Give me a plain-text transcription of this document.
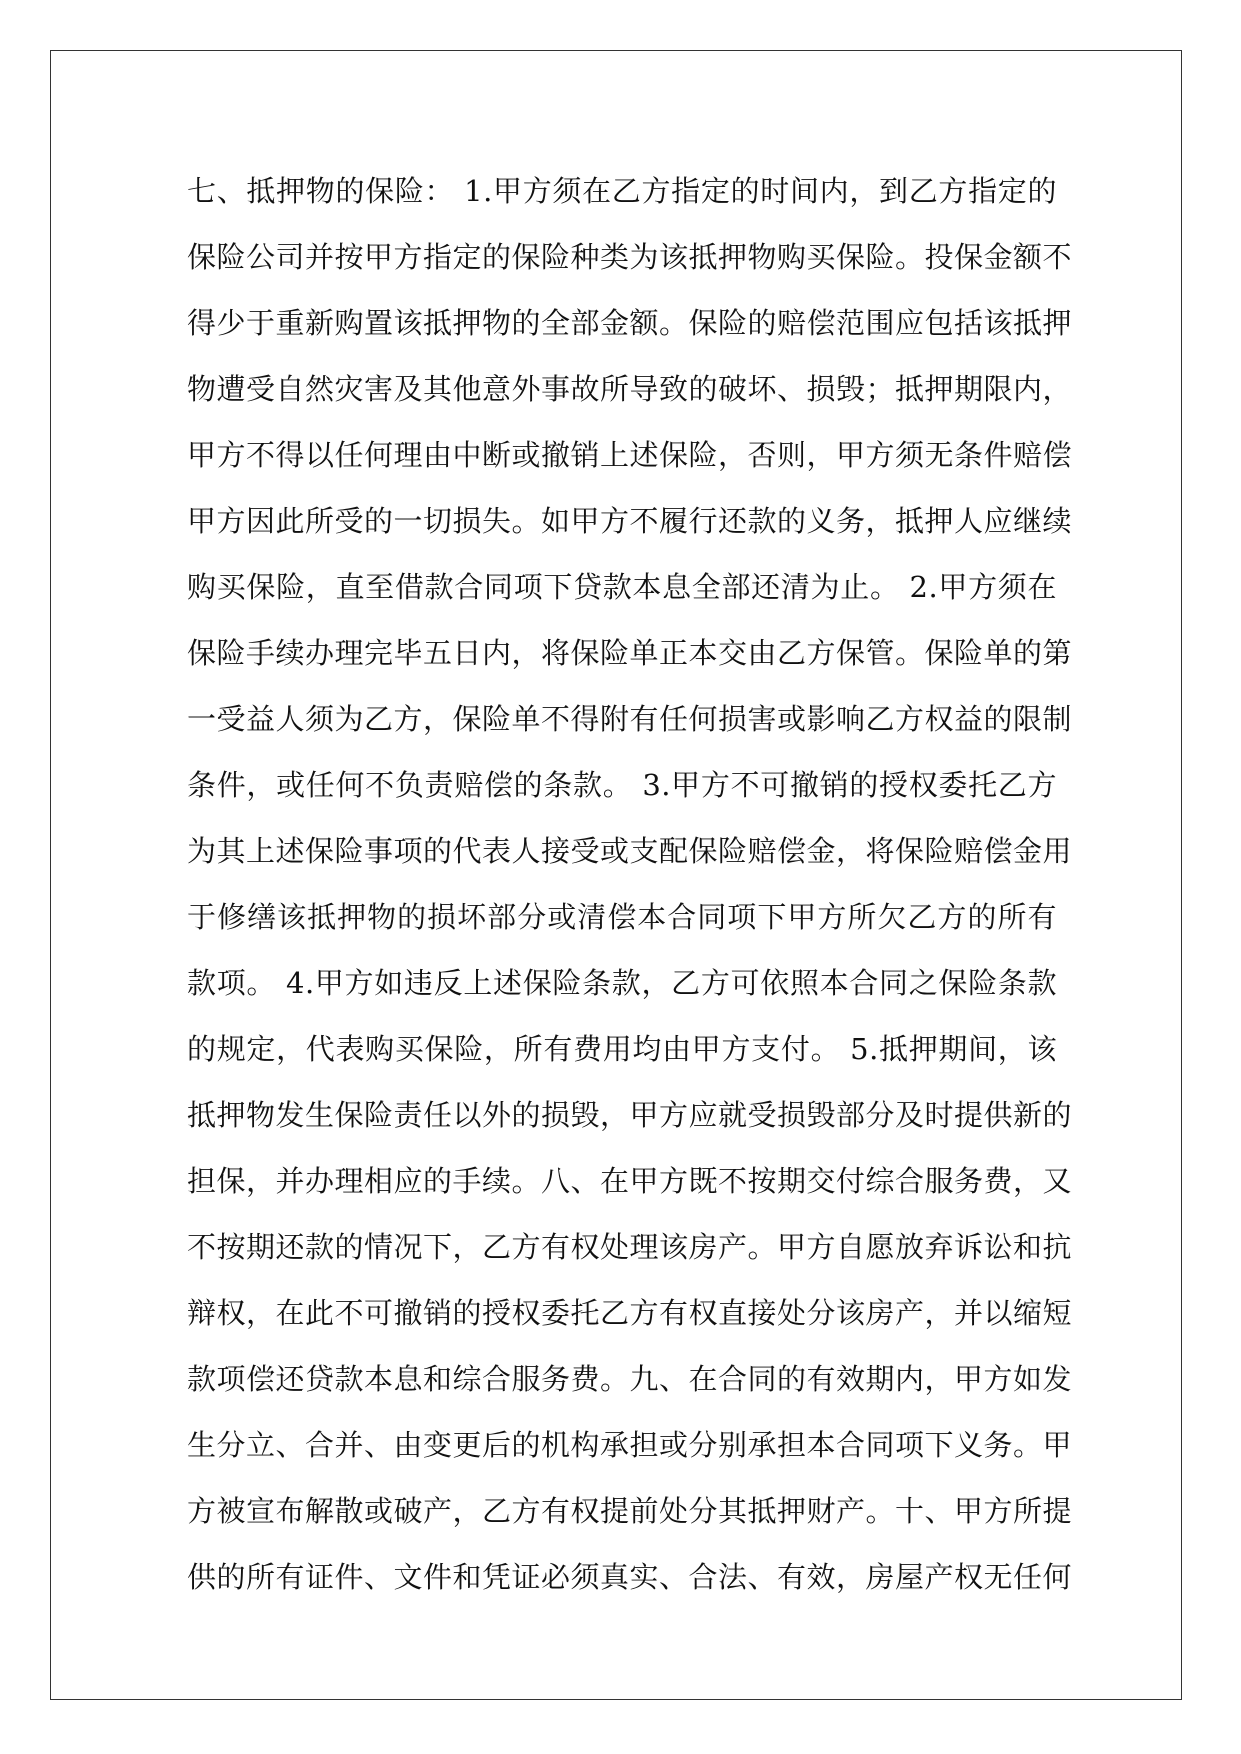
七、抵押物的保险： 1.甲方须在乙方指定的时间内，到乙方指定的
保险公司并按甲方指定的保险种类为该抵押物购买保险。投保金额不
得少于重新购置该抵押物的全部金额。保险的赔偿范围应包括该抵押
物遭受自然灾害及其他意外事故所导致的破坏、损毁；抵押期限内，
甲方不得以任何理由中断或撤销上述保险，否则，甲方须无条件赔偿
甲方因此所受的一切损失。如甲方不履行还款的义务，抵押人应继续
购买保险，直至借款合同项下贷款本息全部还清为止。 2.甲方须在
保险手续办理完毕五日内，将保险单正本交由乙方保管。保险单的第
一受益人须为乙方，保险单不得附有任何损害或影响乙方权益的限制
条件，或任何不负责赔偿的条款。 3.甲方不可撤销的授权委托乙方
为其上述保险事项的代表人接受或支配保险赔偿金，将保险赔偿金用
于修缮该抵押物的损坏部分或清偿本合同项下甲方所欠乙方的所有
款项。 4.甲方如违反上述保险条款，乙方可依照本合同之保险条款
的规定，代表购买保险，所有费用均由甲方支付。 5.抵押期间，该
抵押物发生保险责任以外的损毁，甲方应就受损毁部分及时提供新的
担保，并办理相应的手续。八、在甲方既不按期交付综合服务费，又
不按期还款的情况下，乙方有权处理该房产。甲方自愿放弃诉讼和抗
辩权，在此不可撤销的授权委托乙方有权直接处分该房产，并以缩短
款项偿还贷款本息和综合服务费。九、在合同的有效期内，甲方如发
生分立、合并、由变更后的机构承担或分别承担本合同项下义务。甲
方被宣布解散或破产，乙方有权提前处分其抵押财产。十、甲方所提
供的所有证件、文件和凭证必须真实、合法、有效，房屋产权无任何
